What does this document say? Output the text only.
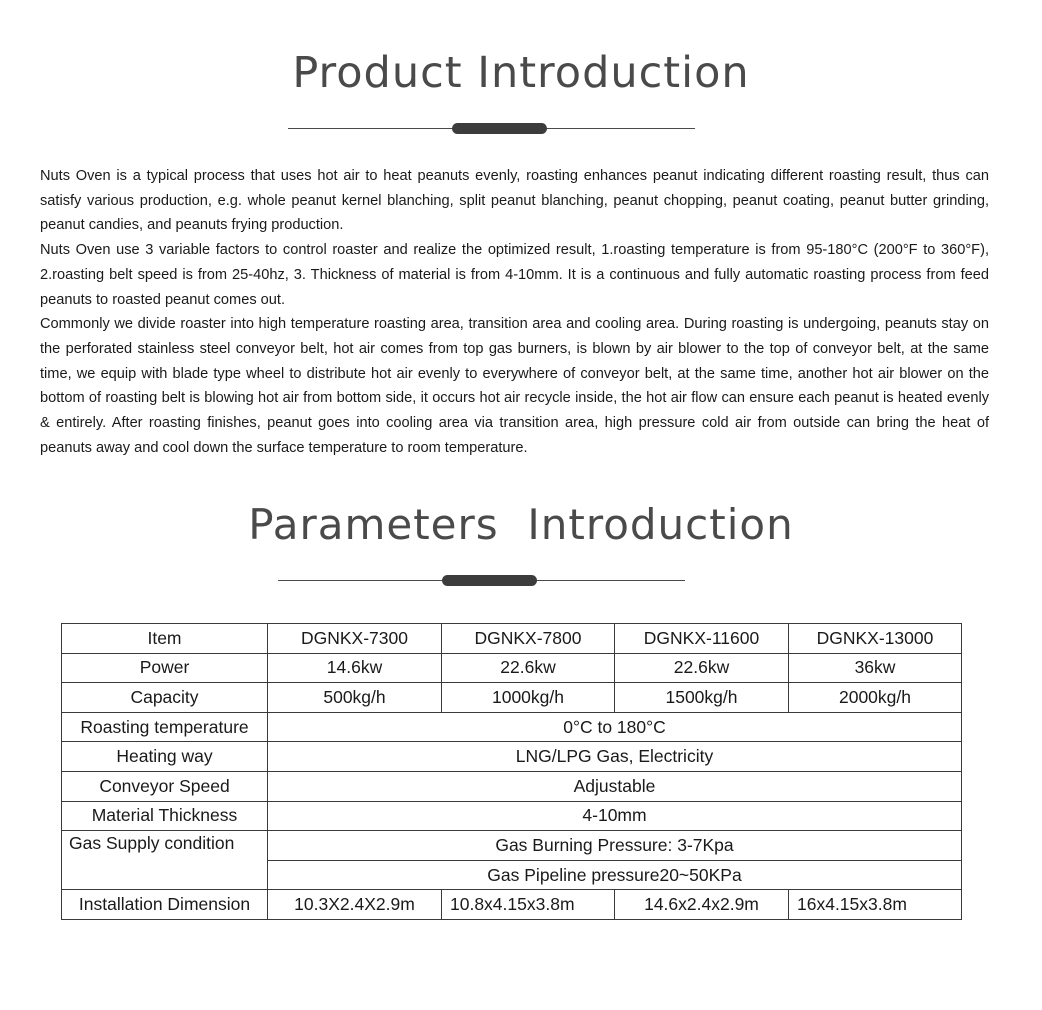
Product Introduction

Nuts Oven is a typical process that uses hot air to heat peanuts evenly, roasting enhances peanut indicating different roasting result, thus can satisfy various production, e.g. whole peanut kernel blanching, split peanut blanching, peanut chopping, peanut coating, peanut butter grinding, peanut candies, and peanuts frying production.

Nuts Oven use 3 variable factors to control roaster and realize the optimized result, 1.roasting temperature is from 95-180°C (200°F to 360°F), 2.roasting belt speed is from 25-40hz, 3. Thickness of material is from 4-10mm. It is a continuous and fully automatic roasting process from feed peanuts to roasted peanut comes out.

Commonly we divide roaster into high temperature roasting area, transition area and cooling area. During roasting is undergoing, peanuts stay on the perforated stainless steel conveyor belt, hot air comes from top gas burners, is blown by air blower to the top of conveyor belt, at the same time, we equip with blade type wheel to distribute hot air evenly to everywhere of conveyor belt, at the same time, another hot air blower on the bottom of roasting belt is blowing hot air from bottom side, it occurs hot air recycle inside, the hot air flow can ensure each peanut is heated evenly & entirely. After roasting finishes, peanut goes into cooling area via transition area, high pressure cold air from outside can bring the heat of peanuts away and cool down the surface temperature to room temperature.

Parameters  Introduction
Item	DGNKX-7300	DGNKX-7800	DGNKX-11600	DGNKX-13000
Power	14.6kw	22.6kw	22.6kw	36kw
Capacity	500kg/h	1000kg/h	1500kg/h	2000kg/h
Roasting temperature	0°C to 180°C			
Heating way	LNG/LPG Gas, Electricity			
Conveyor Speed	Adjustable			
Material Thickness	4-10mm			
Gas Supply condition	Gas Burning Pressure: 3-7Kpa			
	Gas Pipeline pressure20~50KPa			
Installation Dimension	10.3X2.4X2.9m	10.8x4.15x3.8m	14.6x2.4x2.9m	16x4.15x3.8m
